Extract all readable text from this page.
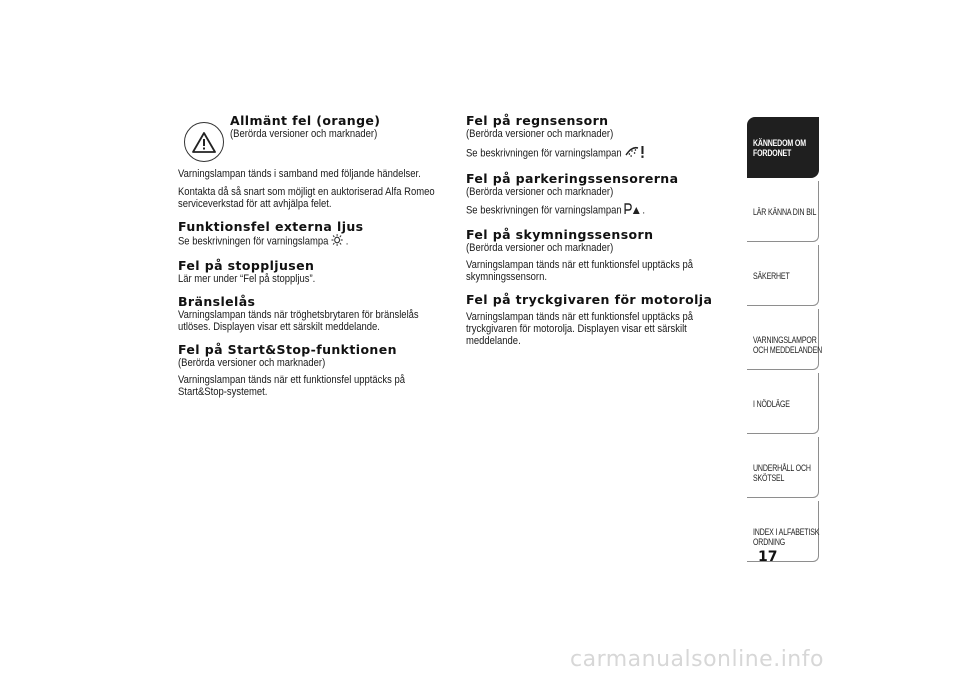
Allmänt fel (orange)

(Berörda versioner och marknader)

Varningslampan tänds i samband med följande händelser.

Kontakta då så snart som möjligt en auktoriserad Alfa Romeo serviceverkstad för att avhjälpa felet.

Funktionsfel externa ljus

Se beskrivningen för varningslampa .

Fel på stoppljusen

Lär mer under “Fel på stoppljus”.

Bränslelås

Varningslampan tänds när tröghetsbrytaren för bränslelås utlöses. Displayen visar ett särskilt meddelande.

Fel på Start&Stop-funktionen

(Berörda versioner och marknader)

Varningslampan tänds när ett funktionsfel upptäcks på Start&Stop-systemet.

Fel på regnsensorn

(Berörda versioner och marknader)

Se beskrivningen för varningslampan

Fel på parkeringssensorerna

(Berörda versioner och marknader)

Se beskrivningen för varningslampan .

Fel på skymningssensorn

(Berörda versioner och marknader)

Varningslampan tänds när ett funktionsfel upptäcks på skymningssensorn.

Fel på tryckgivaren för motorolja

Varningslampan tänds när ett funktionsfel upptäcks på tryckgivaren för motorolja. Displayen visar ett särskilt meddelande.

KÄNNEDOM OM
FORDONET
LÄR KÄNNA DIN BIL
SÄKERHET
VARNINGSLAMPOR
OCH MEDDELANDEN
I NÖDLÄGE
UNDERHÅLL OCH
SKÖTSEL
INDEX I ALFABETISK
ORDNING
17
carmanualsonline.info
